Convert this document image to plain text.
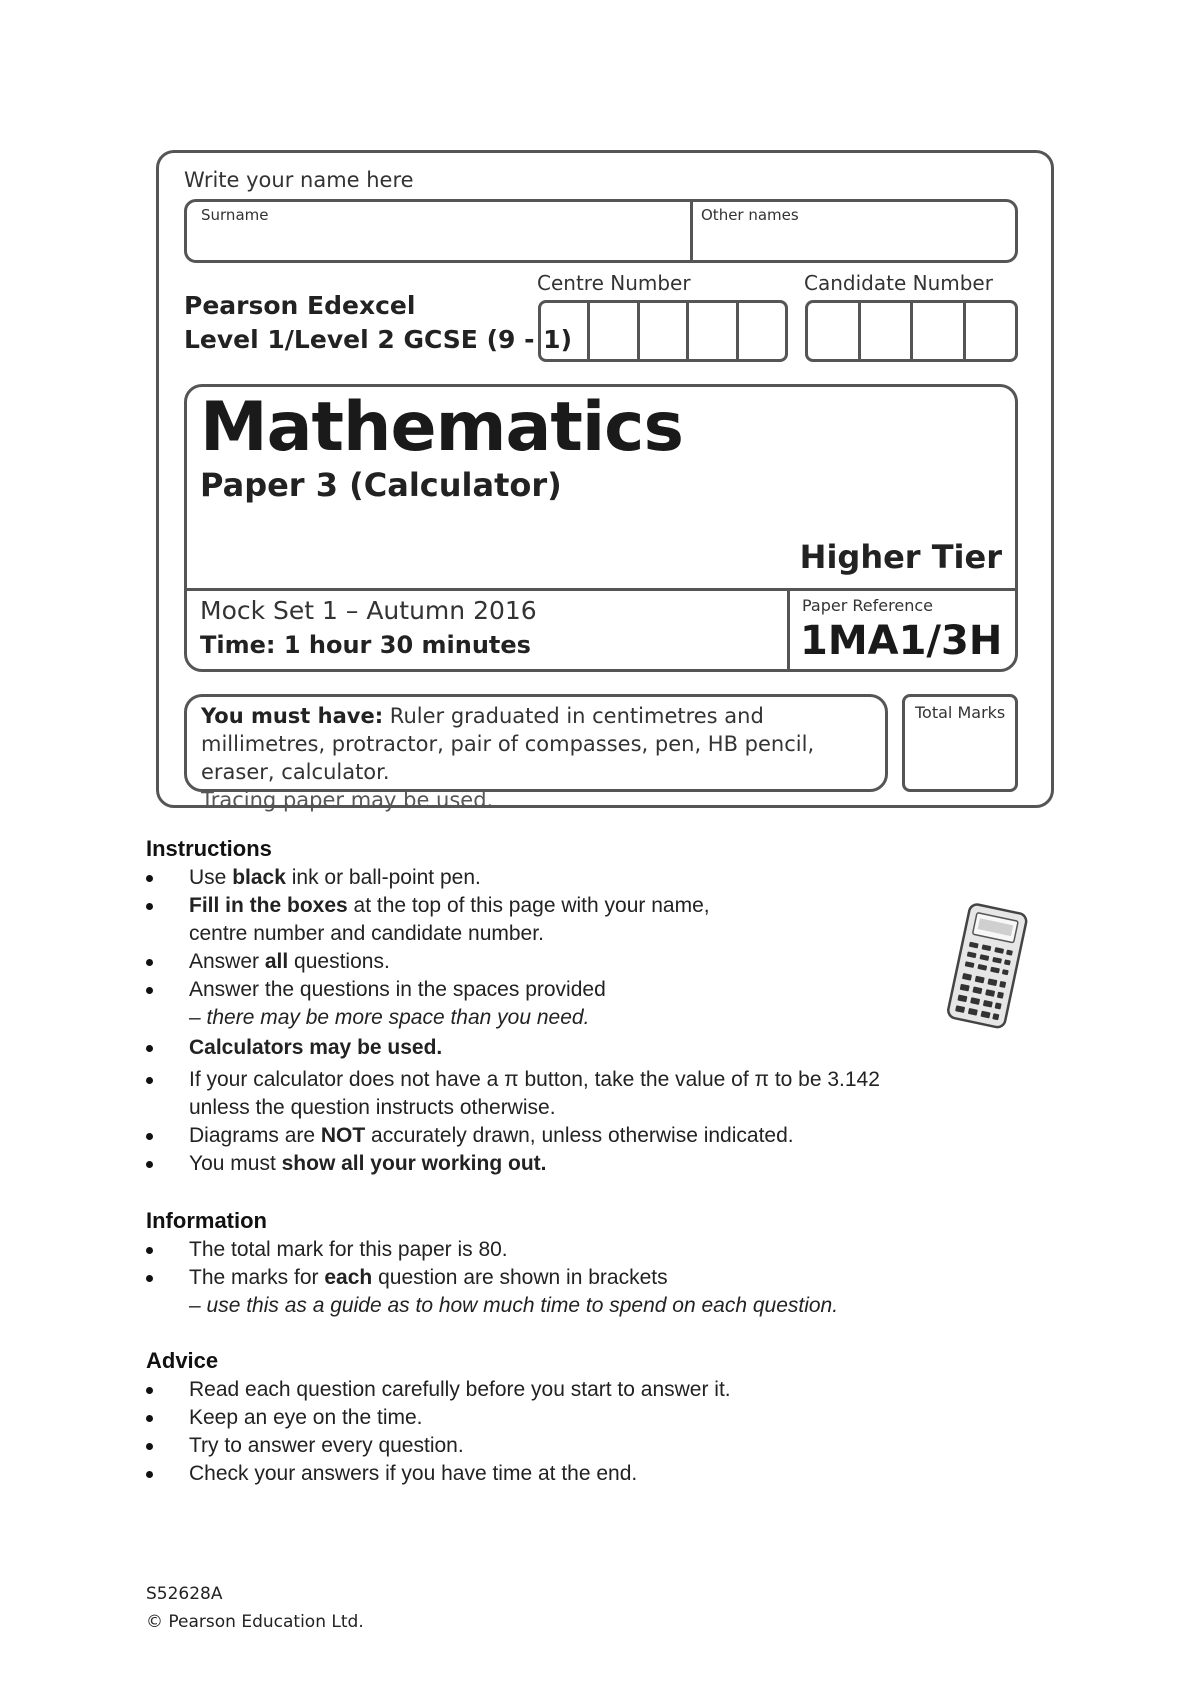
Write your name here
Surname	Other names
Pearson Edexcel
Level 1/Level 2 GCSE (9 - 1)
Centre Number	Candidate Number
Mathematics
Paper 3 (Calculator)
Higher Tier
Mock Set 1 – Autumn 2016
Time: 1 hour 30 minutes
Paper Reference
1MA1/3H
You must have: Ruler graduated in centimetres and millimetres, protractor, pair of compasses, pen, HB pencil, eraser, calculator.
Tracing paper may be used.
Total Marks
Instructions
Use black ink or ball-point pen.
Fill in the boxes at the top of this page with your name,
centre number and candidate number.
Answer all questions.
Answer the questions in the spaces provided
– there may be more space than you need.
Calculators may be used.
If your calculator does not have a π button, take the value of π to be 3.142
unless the question instructs otherwise.
Diagrams are NOT accurately drawn, unless otherwise indicated.
You must show all your working out.
Information
The total mark for this paper is 80.
The marks for each question are shown in brackets
– use this as a guide as to how much time to spend on each question.
Advice
Read each question carefully before you start to answer it.
Keep an eye on the time.
Try to answer every question.
Check your answers if you have time at the end.
S52628A
© Pearson Education Ltd.
